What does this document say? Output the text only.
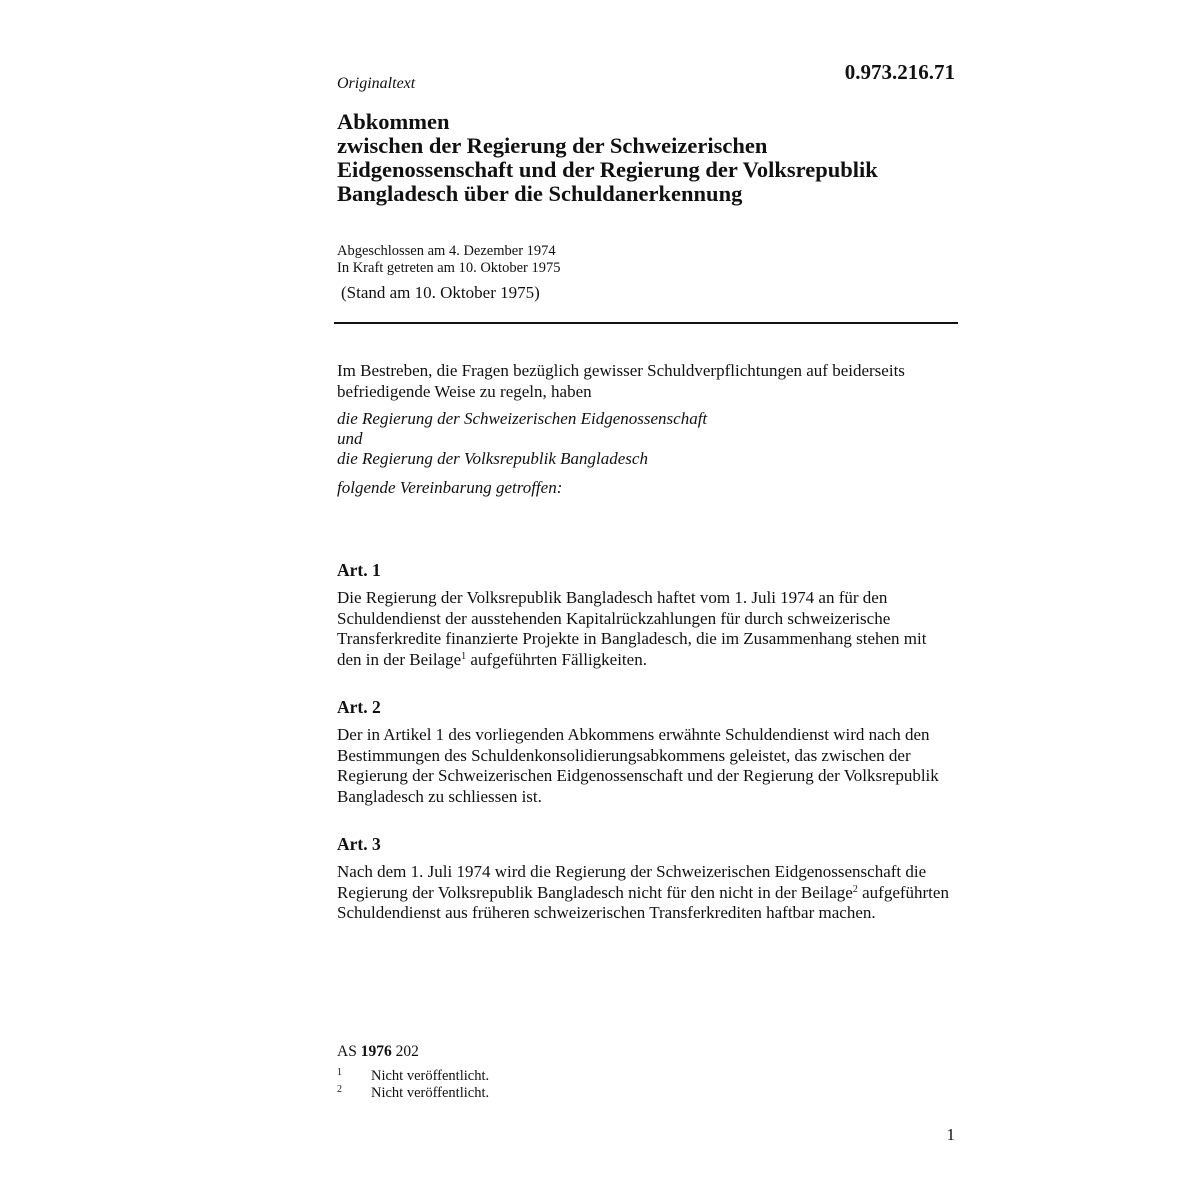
0.973.216.71
Originaltext
Abkommen
zwischen der Regierung der Schweizerischen
Eidgenossenschaft und der Regierung der Volksrepublik
Bangladesch über die Schuldanerkennung
Abgeschlossen am 4. Dezember 1974
In Kraft getreten am 10. Oktober 1975
(Stand am 10. Oktober 1975)
Im Bestreben, die Fragen bezüglich gewisser Schuldverpflichtungen auf beiderseits befriedigende Weise zu regeln, haben
die Regierung der Schweizerischen Eidgenossenschaft
und
die Regierung der Volksrepublik Bangladesch
folgende Vereinbarung getroffen:
Art. 1
Die Regierung der Volksrepublik Bangladesch haftet vom 1. Juli 1974 an für den Schuldendienst der ausstehenden Kapitalrückzahlungen für durch schweizerische Transferkredite finanzierte Projekte in Bangladesch, die im Zusammenhang stehen mit den in der Beilage$^1$ aufgeführten Fälligkeiten.
Art. 2
Der in Artikel 1 des vorliegenden Abkommens erwähnte Schuldendienst wird nach den Bestimmungen des Schuldenkonsolidierungsabkommens geleistet, das zwischen der Regierung der Schweizerischen Eidgenossenschaft und der Regierung der Volksrepublik Bangladesch zu schliessen ist.
Art. 3
Nach dem 1. Juli 1974 wird die Regierung der Schweizerischen Eidgenossenschaft die Regierung der Volksrepublik Bangladesch nicht für den nicht in der Beilage$^2$ aufgeführten Schuldendienst aus früheren schweizerischen Transferkrediten haftbar machen.
AS 1976 202
1 Nicht veröffentlicht.
2 Nicht veröffentlicht.
1
